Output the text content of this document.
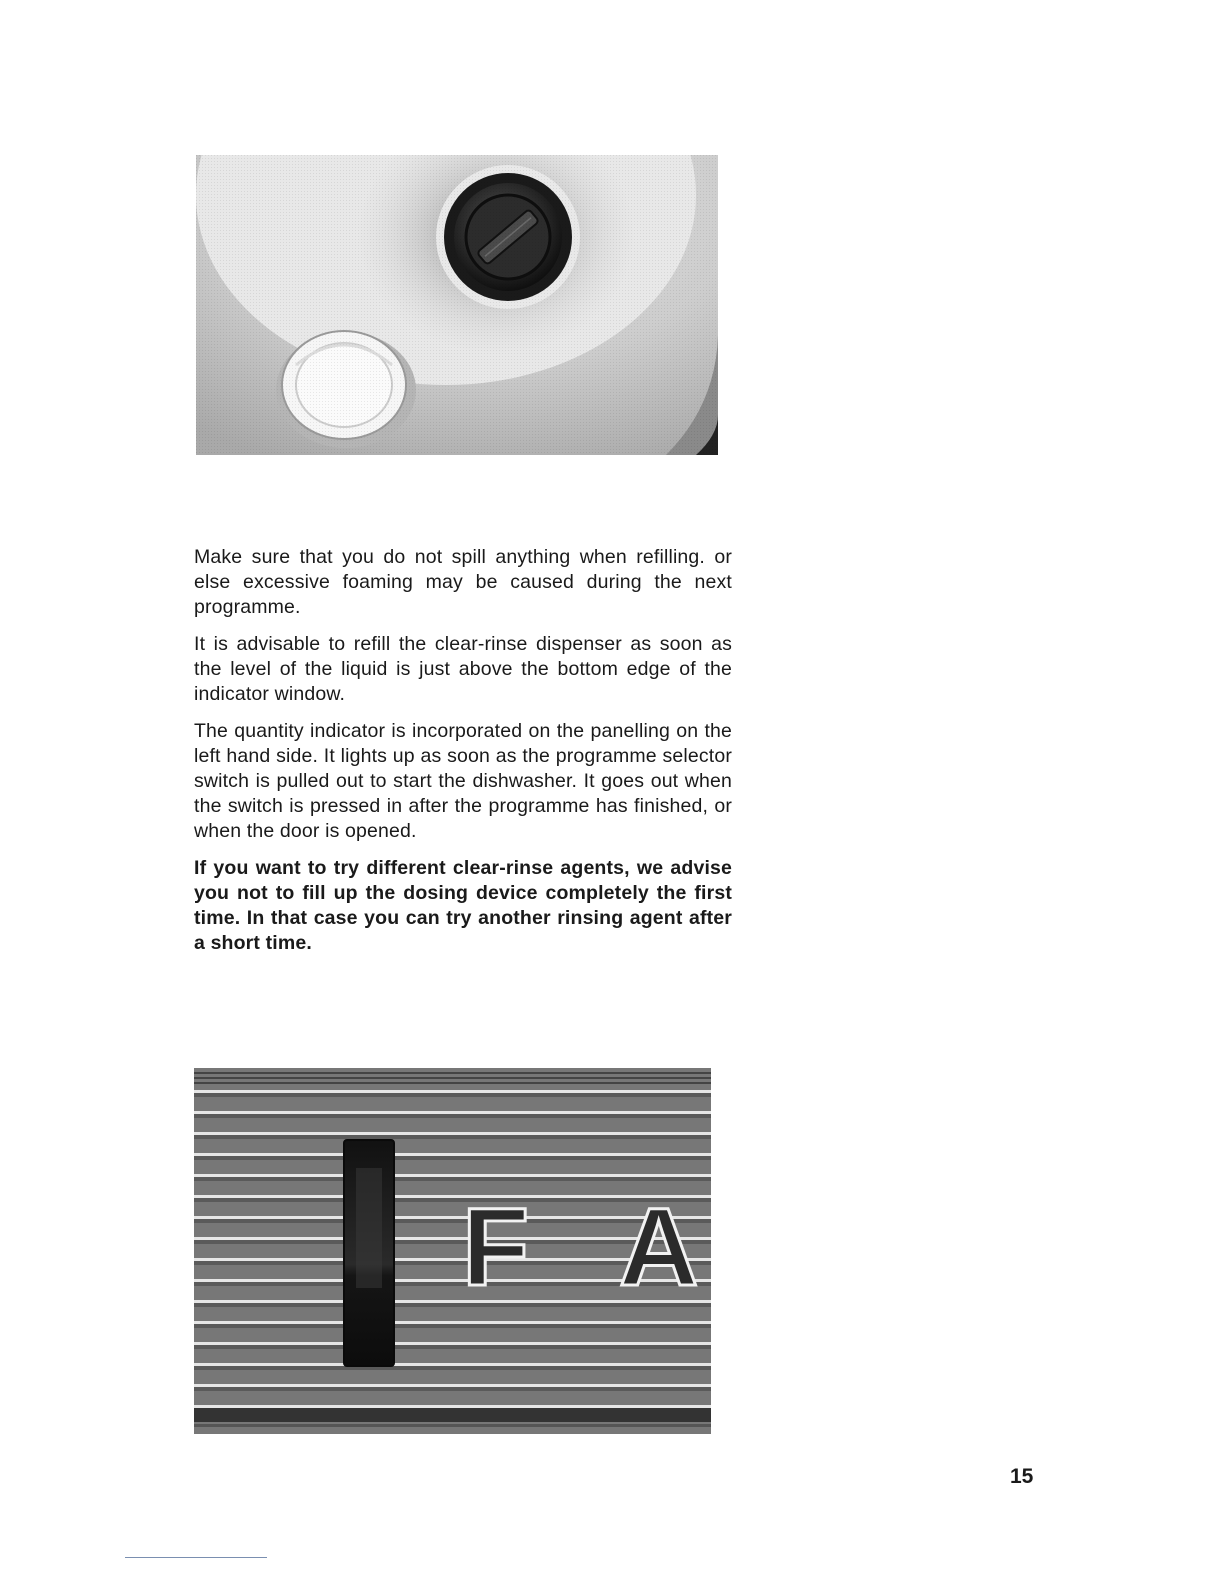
Make sure that you do not spill anything when refilling. or else excessive foaming may be caused during the next programme.

It is advisable to refill the clear-rinse dispenser as soon as the level of the liquid is just above the bottom edge of the indicator window.

The quantity indicator is incorporated on the panelling on the left hand side. It lights up as soon as the programme selector switch is pulled out to start the dishwasher. It goes out when the switch is pressed in after the programme has finished, or when the door is opened.

If you want to try different clear-rinse agents, we advise you not to fill up the dosing device completely the first time. In that case you can try another rinsing agent after a short time.

F A
15
